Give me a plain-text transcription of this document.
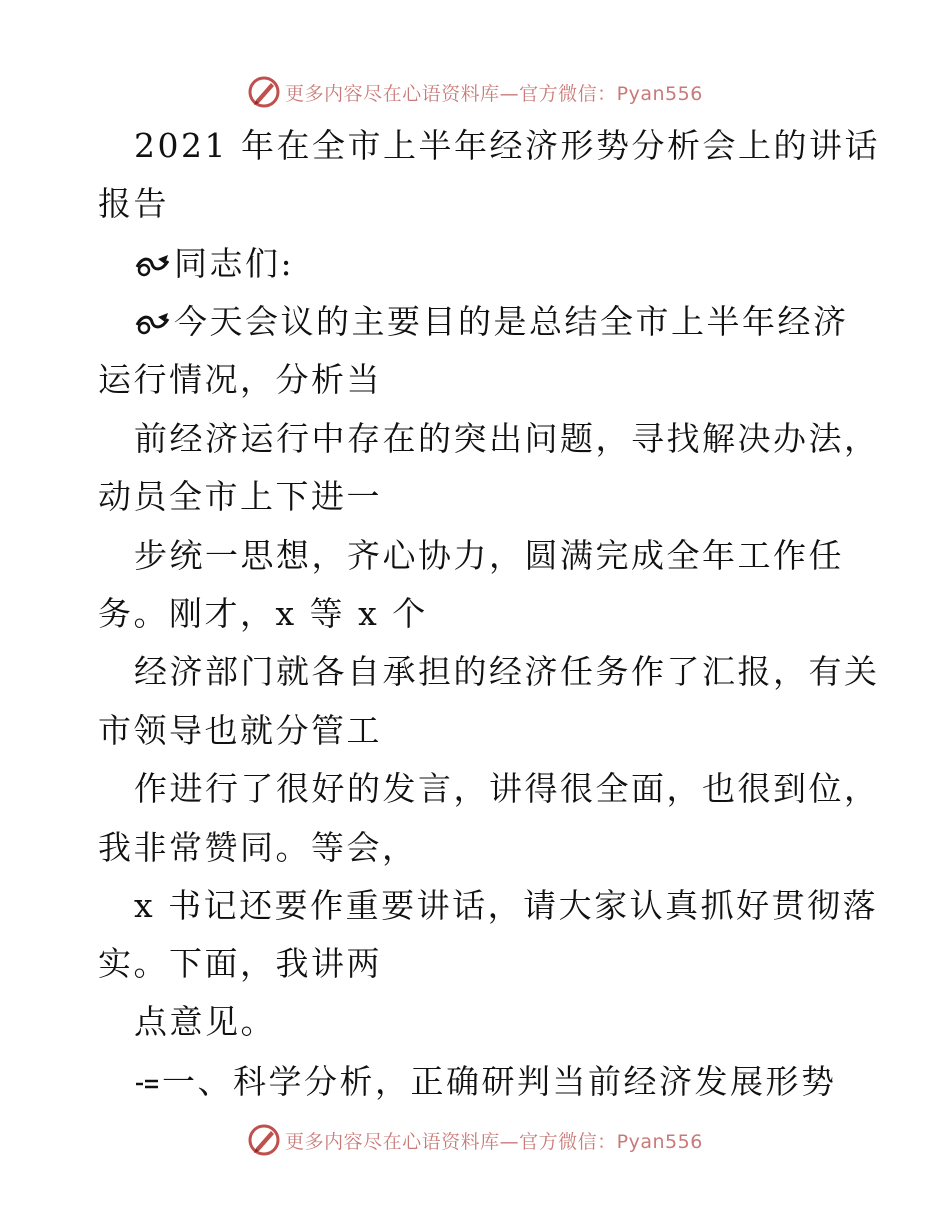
更多内容尽在心语资料库—官方微信：Pyan556
2021 年在全市上半年经济形势分析会上的讲话
报告
同志们:
今天会议的主要目的是总结全市上半年经济
运行情况，分析当
前经济运行中存在的突出问题，寻找解决办法，
动员全市上下进一
步统一思想，齐心协力，圆满完成全年工作任
务。刚才，x 等 x 个
经济部门就各自承担的经济任务作了汇报，有关
市领导也就分管工
作进行了很好的发言，讲得很全面，也很到位，
我非常赞同。等会，
x 书记还要作重要讲话，请大家认真抓好贯彻落
实。下面，我讲两
点意见。
一、科学分析，正确研判当前经济发展形势
更多内容尽在心语资料库—官方微信：Pyan556
